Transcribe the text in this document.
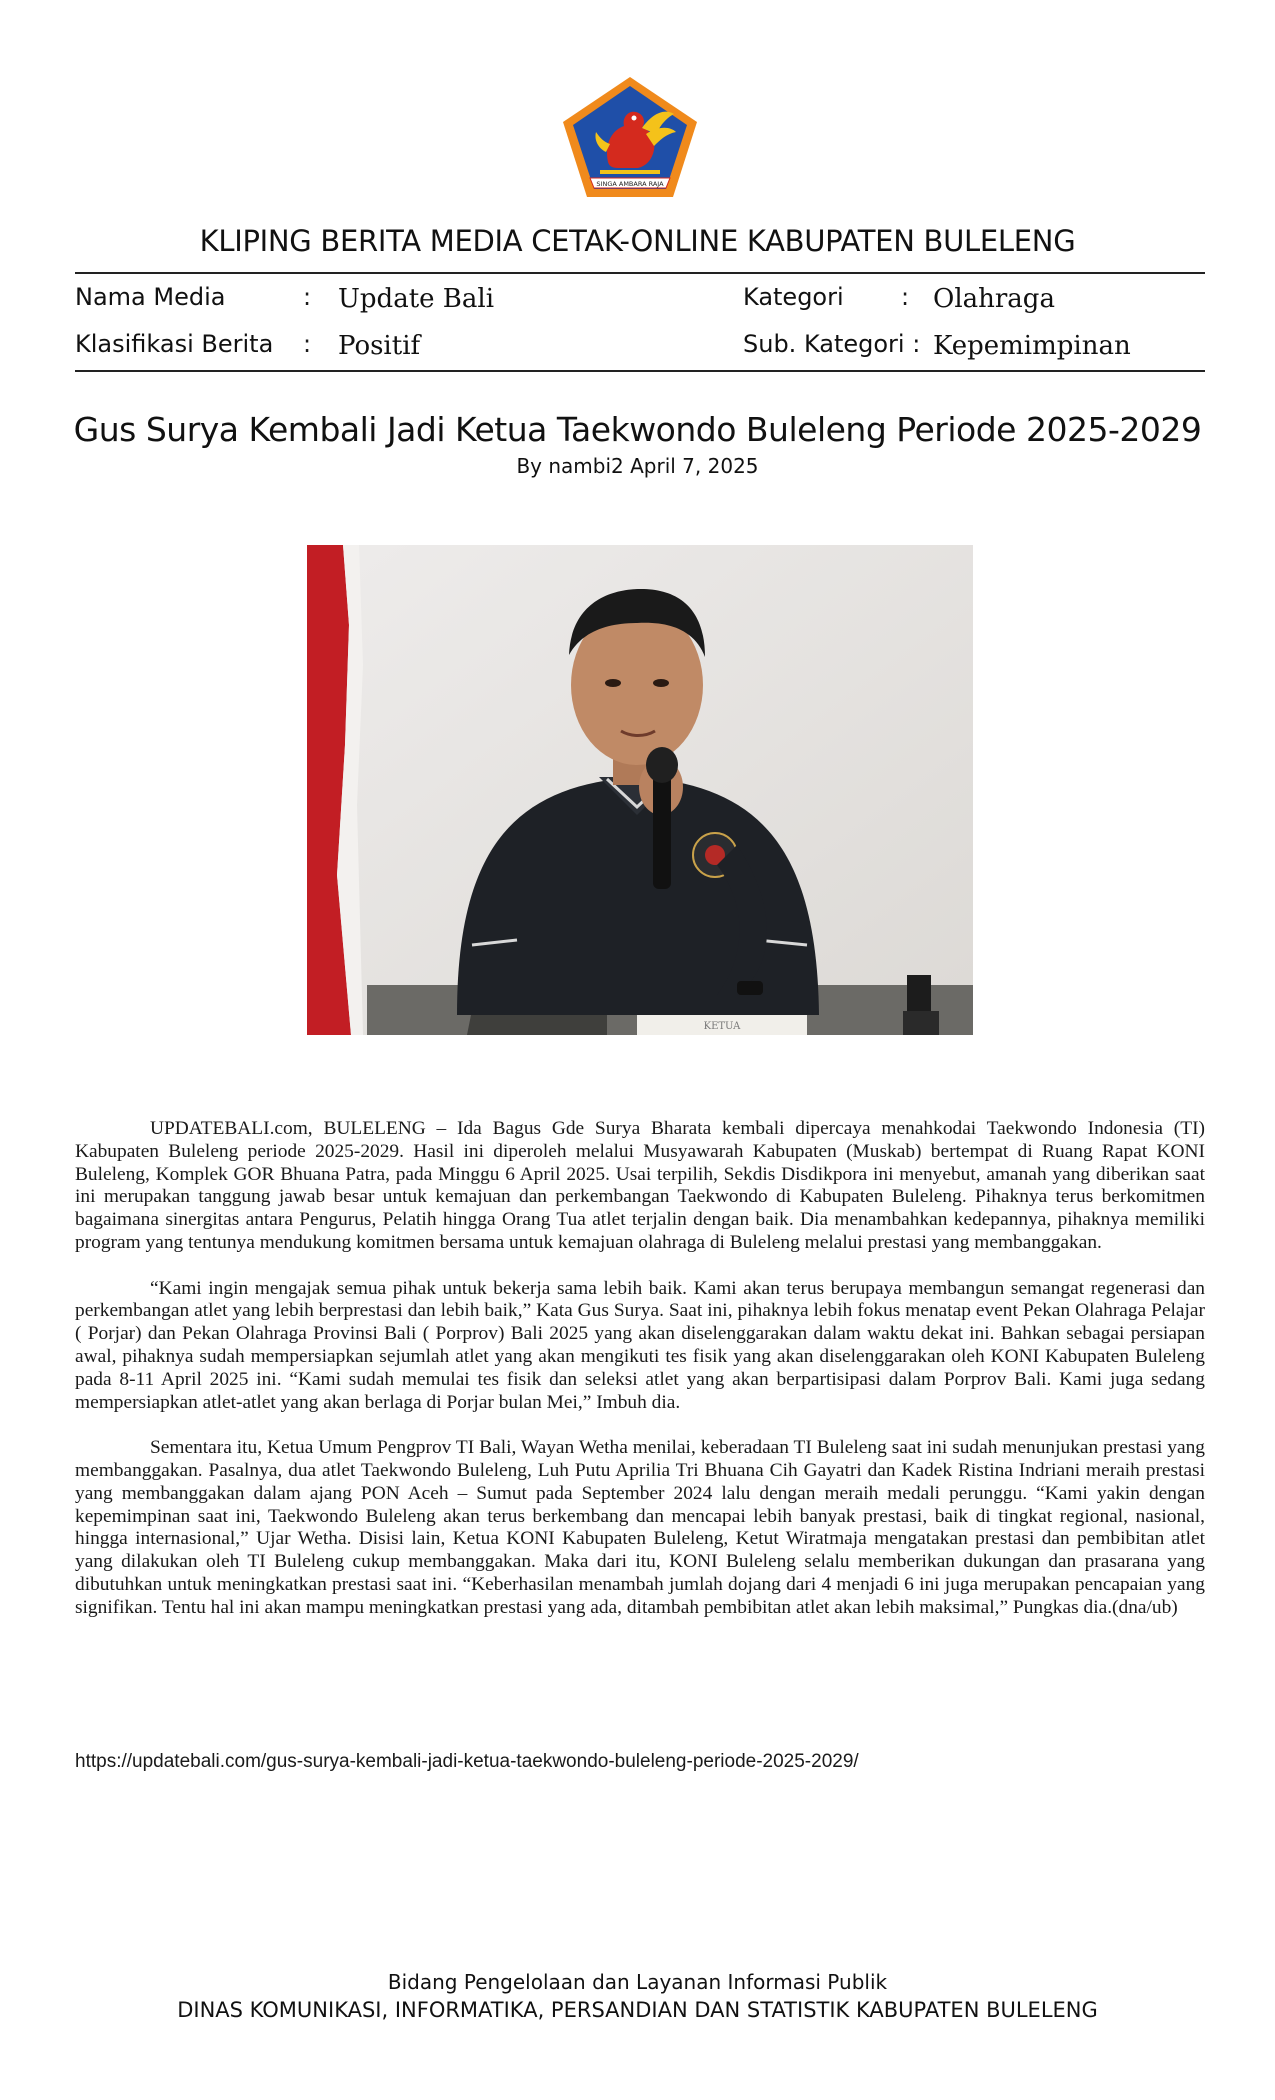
SINGA AMBARA RAJA
KLIPING BERITA MEDIA CETAK-ONLINE KABUPATEN BULELENG
Nama Media	: Update Bali	Kategori : Olahraga
Klasifikasi Berita : Positif	Sub. Kategori : Kepemimpinan
Gus Surya Kembali Jadi Ketua Taekwondo Buleleng Periode 2025-2029
By nambi2 April 7, 2025
KETUA

UPDATEBALI.com, BULELENG – Ida Bagus Gde Surya Bharata kembali dipercaya menahkodai Taekwondo Indonesia (TI) Kabupaten Buleleng periode 2025-2029. Hasil ini diperoleh melalui Musyawarah Kabupaten (Muskab) bertempat di Ruang Rapat KONI Buleleng, Komplek GOR Bhuana Patra, pada Minggu 6 April 2025. Usai terpilih, Sekdis Disdikpora ini menyebut, amanah yang diberikan saat ini merupakan tanggung jawab besar untuk kemajuan dan perkembangan Taekwondo di Kabupaten Buleleng. Pihaknya terus berkomitmen bagaimana sinergitas antara Pengurus, Pelatih hingga Orang Tua atlet terjalin dengan baik. Dia menambahkan kedepannya, pihaknya memiliki program yang tentunya mendukung komitmen bersama untuk kemajuan olahraga di Buleleng melalui prestasi yang membanggakan.

“Kami ingin mengajak semua pihak untuk bekerja sama lebih baik. Kami akan terus berupaya membangun semangat regenerasi dan perkembangan atlet yang lebih berprestasi dan lebih baik,” Kata Gus Surya. Saat ini, pihaknya lebih fokus menatap event Pekan Olahraga Pelajar ( Porjar) dan Pekan Olahraga Provinsi Bali ( Porprov) Bali 2025 yang akan diselenggarakan dalam waktu dekat ini. Bahkan sebagai persiapan awal, pihaknya sudah mempersiapkan sejumlah atlet yang akan mengikuti tes fisik yang akan diselenggarakan oleh KONI Kabupaten Buleleng pada 8-11 April 2025 ini. “Kami sudah memulai tes fisik dan seleksi atlet yang akan berpartisipasi dalam Porprov Bali. Kami juga sedang mempersiapkan atlet-atlet yang akan berlaga di Porjar bulan Mei,” Imbuh dia.

Sementara itu, Ketua Umum Pengprov TI Bali, Wayan Wetha menilai, keberadaan TI Buleleng saat ini sudah menunjukan prestasi yang membanggakan. Pasalnya, dua atlet Taekwondo Buleleng, Luh Putu Aprilia Tri Bhuana Cih Gayatri dan Kadek Ristina Indriani meraih prestasi yang membanggakan dalam ajang PON Aceh – Sumut pada September 2024 lalu dengan meraih medali perunggu. “Kami yakin dengan kepemimpinan saat ini, Taekwondo Buleleng akan terus berkembang dan mencapai lebih banyak prestasi, baik di tingkat regional, nasional, hingga internasional,” Ujar Wetha. Disisi lain, Ketua KONI Kabupaten Buleleng, Ketut Wiratmaja mengatakan prestasi dan pembibitan atlet yang dilakukan oleh TI Buleleng cukup membanggakan. Maka dari itu, KONI Buleleng selalu memberikan dukungan dan prasarana yang dibutuhkan untuk meningkatkan prestasi saat ini. “Keberhasilan menambah jumlah dojang dari 4 menjadi 6 ini juga merupakan pencapaian yang signifikan. Tentu hal ini akan mampu meningkatkan prestasi yang ada, ditambah pembibitan atlet akan lebih maksimal,” Pungkas dia.(dna/ub)

https://updatebali.com/gus-surya-kembali-jadi-ketua-taekwondo-buleleng-periode-2025-2029/
Bidang Pengelolaan dan Layanan Informasi Publik
DINAS KOMUNIKASI, INFORMATIKA, PERSANDIAN DAN STATISTIK KABUPATEN BULELENG
